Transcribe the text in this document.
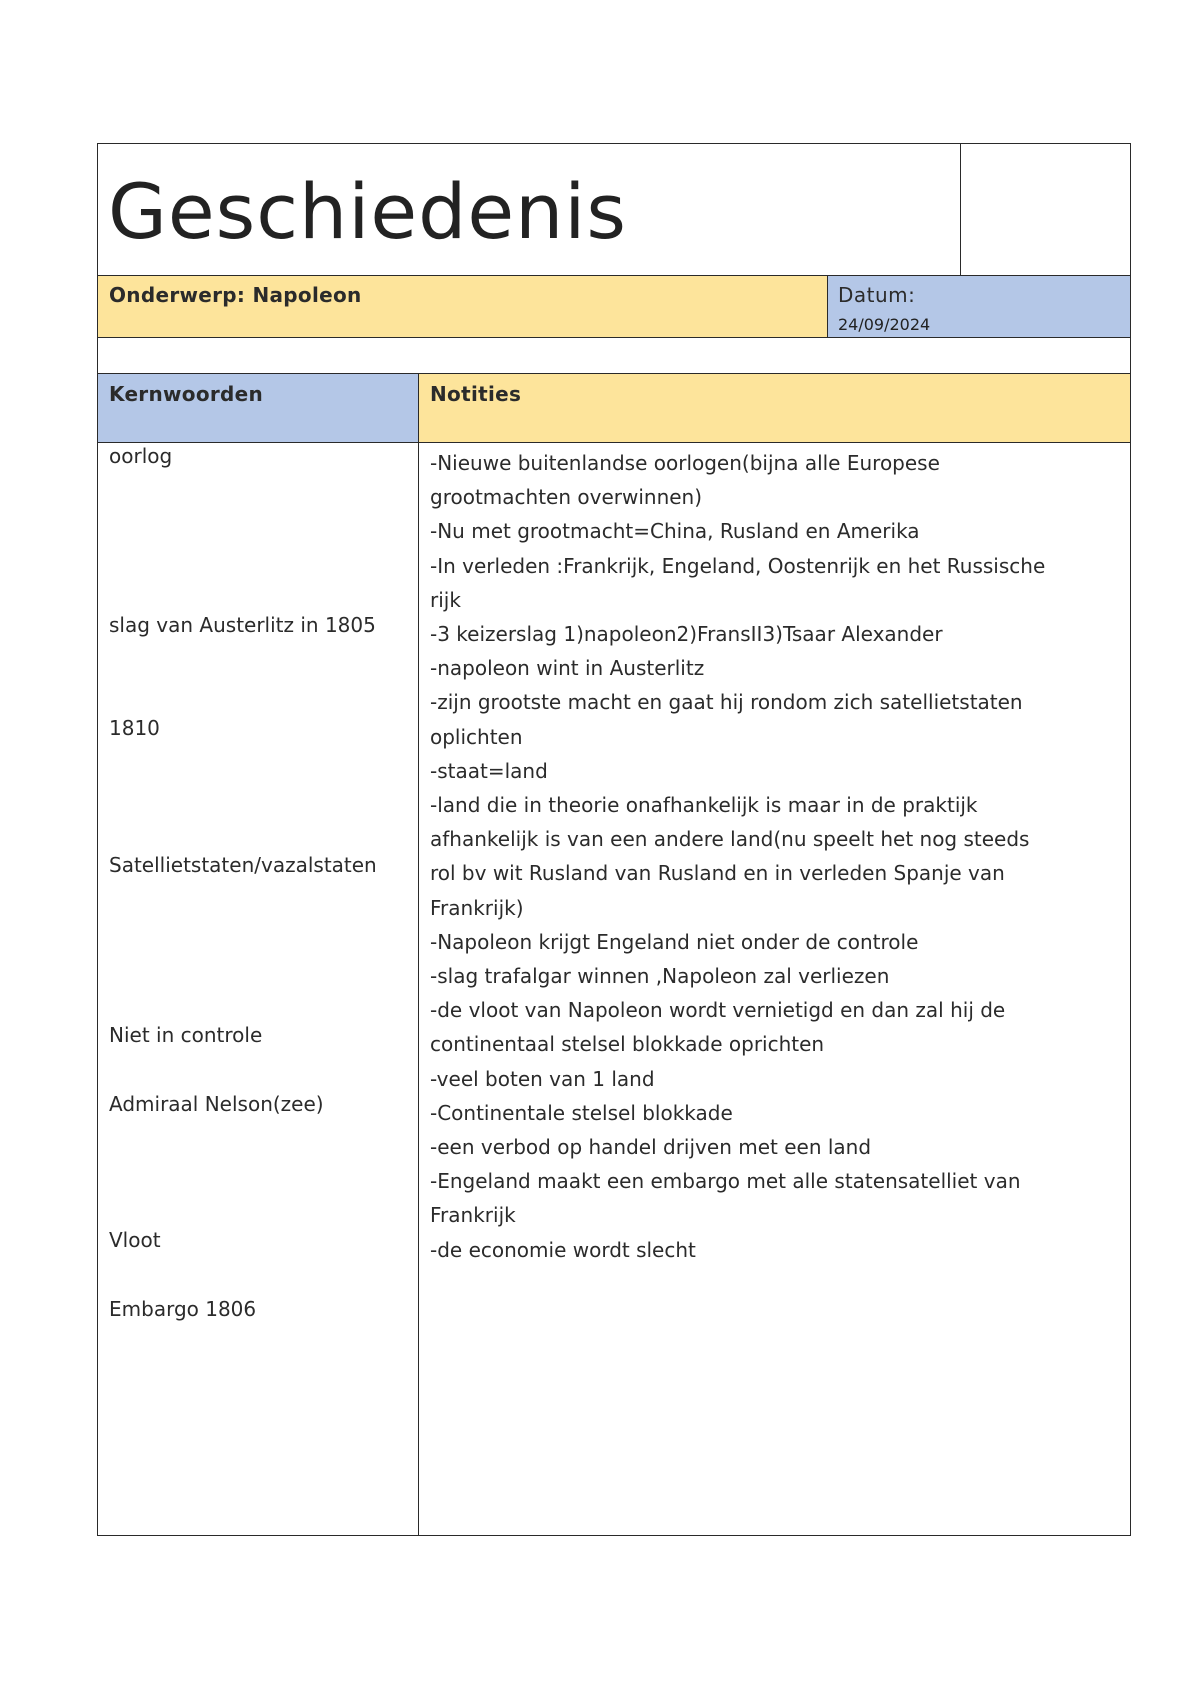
Geschiedenis
Onderwerp: Napoleon	Datum:
24/09/2024
Kernwoorden	Notities
oorlog
slag van Austerlitz in 1805
1810
Satellietstaten/vazalstaten
Niet in controle
Admiraal Nelson(zee)
Vloot
Embargo 1806
-Nieuwe buitenlandse oorlogen(bijna alle Europese
grootmachten overwinnen)
-Nu met grootmacht=China, Rusland en Amerika
-In verleden :Frankrijk, Engeland, Oostenrijk en het Russische
rijk
-3 keizerslag 1)napoleon2)FransII3)Tsaar Alexander
-napoleon wint in Austerlitz
-zijn grootste macht en gaat hij rondom zich satellietstaten
oplichten
-staat=land
-land die in theorie onafhankelijk is maar in de praktijk
afhankelijk is van een andere land(nu speelt het nog steeds
rol bv wit Rusland van Rusland en in verleden Spanje van
Frankrijk)
-Napoleon krijgt Engeland niet onder de controle
-slag trafalgar winnen ,Napoleon zal verliezen
-de vloot van Napoleon wordt vernietigd en dan zal hij de
continentaal stelsel blokkade oprichten
-veel boten van 1 land
-Continentale stelsel blokkade
-een verbod op handel drijven met een land
-Engeland maakt een embargo met alle statensatelliet van
Frankrijk
-de economie wordt slecht
